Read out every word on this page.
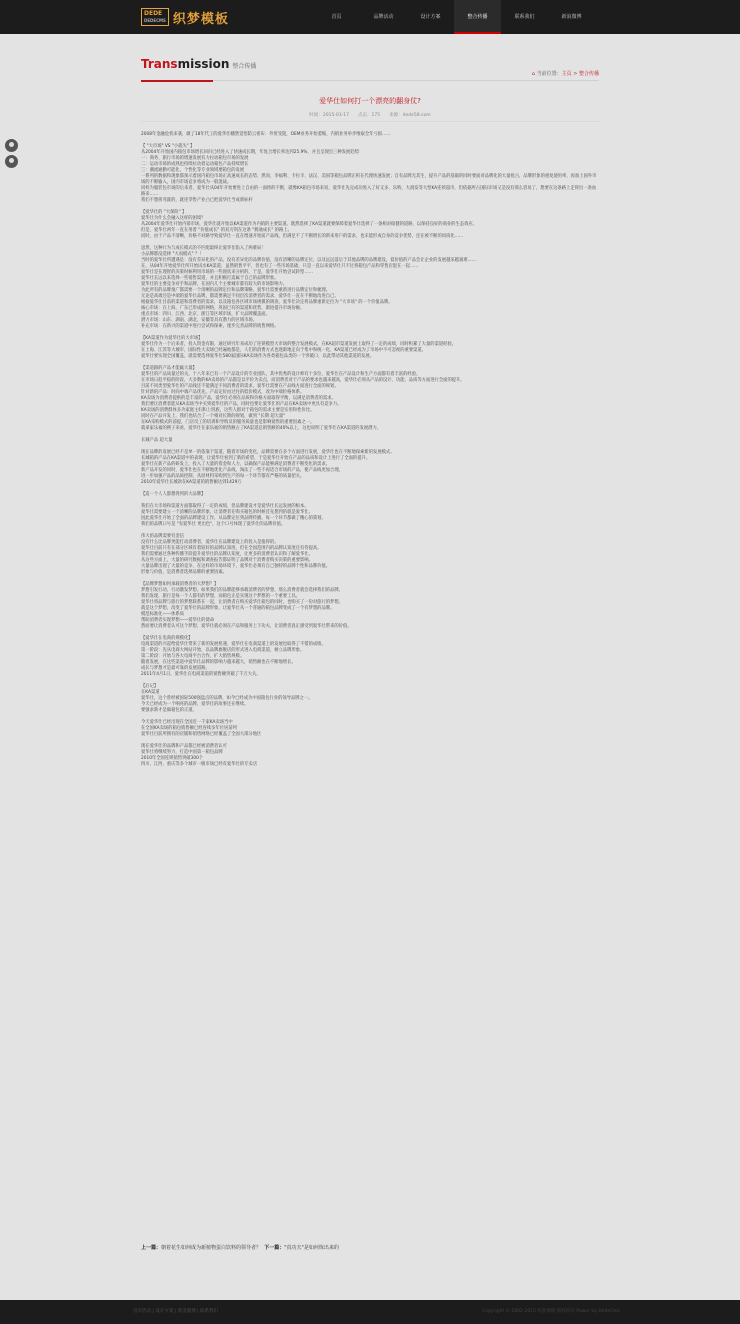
DEDE
DEDECMS 织梦模板	首页	品牌活动	设计方案	整合传播	联系我们	新浪微博
Transmission 整合传播
⌂ 当前位置：主页 > 整合传播
爱华仕如何打一个漂亮的翻身仗?
时间：2015-03-17　　点击：175　　来源：dede58.com

2008年金融危机来袭，做了18年代工的爱华仕幡然觉悟防云密布：外贸受阻，OEM业务开始萎缩，内销业务举步维艰全年亏损……

【 "大市场" VS "小就失" 】

从2004年开始国内箱包市场增长回归已经进入了快速成长期，年复合增长率达到25.9%，并且呈现出三种发展趋势：

一：商务、旅行市场的增速发展有力拉动箱包市场的发展

二：运动市场的成熟也持续拉动着运动箱包产品持续增长

三：潮流通勤可能化、个性化等专业领域要箱包的发展

一系列的数据和现象都预示着国内箱包市场正高速成长的态势，然而，李福利、卡拉羊、法汉、美国等箱包品牌正积在代理快速发展；自有品牌无其生、提升产品的基础的同时要面对品牌化的大量抢占，品牌形象的重复使用率，再加上国外市场的不断输入，国内市场竞争将成为一般混战。

同样为服装包市场的后来者，爱华仕从04年开始要进上自由的一面将的不断，就像KA箱包市场来说，爱华仕先完成功进入了好又多、乐购、大润发等大型KA连锁超市，但依据所占国际市场又是没有那么容易了，想要在这条路上走得出一条血路来……

我们不想拐弯就的，就连零售产业凸已把爱华仕当成新标杆

【爱华仕的 "大保险" 】

爱华仕为什么会融入这样的困境？

从2004年爱华仕开始内销市场，爱华仕就开始以KA渠道作为内销的主要渠道。既然选择了KA渠道就要保障着爱华仕选择了一条相对稳健的道路，以保持良好的商业的生态效应。

但是，爱华仕两年一直在用着 "价值成长" 的双刃剑在这条 "拥通成长" 的路上。

同时，由于产品不清晰，价格不对路导致爱华仕一直在增速开始前产品线，但满足不了不断增长的新来用户的需求，也未能形成自身的竞争优势，还在被不断的同质化……

思然，这种行为与成长模式的不匹配最终让爱华仕陷入了两难局！

小品牌都没选择 "大而模式" ？！

当时的爱华仕所遭遇是：没有差异化的产品，没有差异化的品牌价值，没有清晰的品牌定位，以及远远落后于其他品牌的品牌建设，低价值的产品会让企业的发展越来越艰难……

在，从04年开始爱华仕所开始试水KA渠道，虽然销售平平，但也有了一些市场基础，只是一直以来爱华仕只不过将箱包产品和零售店混在一起……

爱华仕是在理智的决策时候利用市场的一些现状来分析的，于是，爱华仕开始尝试转型……

爱华仕长远以来选择一些销售渠道，并且积极打造属于自己的品牌形象。

爱华仕的主要竞争对手和品牌，在国内几个主要城市都有较大的市场影响力。

为此所有的品牌推广都需要一个清晰的品牌定位和品牌策略，爱华仕需要重新进行品牌定位和梳理。

无论是高端还是中端的爱华仕品牌，都需要满足不同层次消费者的需求，爱华仕一直在不断地改进自己。

根据爱华仕目前的渠道和消费者的需求，以及箱包各区域市场规模的调查，爱华仕决定将品牌重新定位为 "大市场" 的一个价值品牌。

核心市场：在上海、广东已形成的网络，巩固已有的渠道和优势，渐进提升市场份额。

重点市场：四川、江西、北京、浙江等区域市场，扩大品牌覆盖面。

潜力市场：山东、湖南、湖北、安徽等具有潜力的区域市场。

补充市场：在新兴的渠道中进行尝试和探索，逐步完善品牌的销售网络。

【KA渠道作为爱华仕的大市场】

爱华仕作为一个后来者，投入资金有限，通过研究年来成功了连锁模型大市场的整合发展模式，在KA超市渠道发展上取得了一定的成绩，同时积累了大量的渠道经验。

在上海、江苏等大城市，国际性大卖场已经遍地都是，人们的消费方式也逐渐地走向于集中和统一化，KA渠道已经成为了市场中不可忽视的重要渠道。

爱华仕要实现全国覆盖，就需要选择爱华仕580家国际KA卖场作为各类箱包品类的一个突破口，以此带动其他渠道的发展。

【渠道跟的产品才能赢大量】

爱华仕的产品质量过的关，十八年来已有一个产品设计的专业团队，其中优秀的设计师有十多位，爱华仕在产品设计和生产方面都有着丰富的经验。

在市场日趋平稳的阶段，大多数的KA卖场的产品都是以平价为卖点，而消费者对于产品的要求也越来越高，爱华仕必须从产品的设计、功能、品质等方面进行全面的提升。

目前不同类型爱华仕的产品线还不能满足不同消费者的需求，爱华仕需要在产品线方面进行全面的规划。

针对新的产品：时尚中端产品优先，产品定价由过往的低价模式，改为中端价格体系。

KA卖场为消费者提供的是丰富的产品，爱华仕必须在品质和价格方面取得平衡，以满足消费者的需求。

我们要让消费者能从KA卖场当中买到爱华仕的产品，同时也要让爱华仕的产品在KA卖场中更具有竞争力。

KA卖场的消费群体多为家庭主妇和上班族，这些人群对于箱包的需求主要是实用和性价比。

同时在产品开发上，我们也结合了一个相对长期的规划，做到 "长期 超大量"

在KA采购模式的前提，门店员工的培训和导购员的服务质量也是影响销售的重要因素之一。

就拿家乐福的例子来看，爱华仕在家乐福的销售额占了KA渠道总销售额的40%以上，这也说明了爱华仕在KA渠道的发展潜力。

长城产品 超大量

现在品牌的发展已经不是单一的依靠于渠道，随着市场的变化，品牌需要在多个方面进行发展，爱华仕也在不断地探索新的发展模式。

长城箱的产品在KA渠道中的表现，让爱华仕看到了新的希望，于是爱华仕开始在产品的品质和设计上进行了全面的提升。

爱华仕在新产品的研发上，投入了大量的资金和人力，以确保产品能够满足消费者不断变化的需求。

新产品开发的同时，爱华仕也在不断地优化产品线，淘汰了一些不再适合市场的产品，使产品线更加合理。

进一步加强产品的品质控制，从原材料采购到生产的每一个环节都有严格的质量把关。

2010年爱华仕长城款在KA渠道的销售额达到1429万

【造一个人人都想得到的大品牌】

我们在大市场和渠道方面都取得了一定的成绩，但品牌建设才是爱华仕长远发展的根本。

爱华仕需要建立一个清晰的品牌形象，让消费者在购买箱包的时候首先想到的就是爱华仕。

因此爱华仕开始了全面的品牌建设工作，从品牌定位到品牌传播，每一个环节都做了精心的策划。

我们的品牌口号是 "有爱华仕 更出色"，这个口号体现了爱华仕的品牌价值。

伟大的品牌需要有金信

没有什么比品牌更能打动消费者，爱华仕在品牌建设上的投入是值得的。

爱华仕目前只有在部分区域有着较好的品牌认知度，但在全国范围内的品牌认知度还有待提高。

我们需要通过各种传播手段提升爱华仕的品牌认知度，让更多的消费者认识和了解爱华仕。

从这些方面上，大量的研究数据和调查报告都证明了品牌对于消费者购买决策的重要影响。

大量品牌出现了大量的竞争，在这样的市场环境下，爱华仕必须有自己独特的品牌个性和品牌价值。

形象与价值，是消费者选择品牌的重要因素。

【品牌梦想如何承载消费者的大梦想？】

梦想引发行动，行动激发梦想。如果我们的品牌能够承载消费者的梦想，那么消费者就会选择我们的品牌。

我们发现，旅行是每一个人都有的梦想，而箱包正是实现这个梦想的一个重要工具。

爱华仕将品牌与旅行的梦想联系在一起，让消费者在购买爱华仕箱包的同时，也购买了一份对旅行的梦想。

就是这个梦想，改变了爱华仕的品牌形象，让爱华仕从一个普通的箱包品牌变成了一个有梦想的品牌。

模范标准化——体系质

帮助消费者实现梦想——爱华仕的使命

然而要让消费者认可这个梦想，爱华仕就必须在产品和服务上下功夫，让消费者真正感受到爱华仕带来的价值。

【爱华仕在电商的规模化】

电商渠道的兴起给爱华仕带来了新的发展机遇，爱华仕在电商渠道上的发展也取得了不错的成绩。

第一阶段：先从电商大网站开始，以品牌旗舰店的形式进入电商渠道，树立品牌形象。

第二阶段：开始与各大电商平台合作，扩大销售规模。

随着发展，在这些渠道中爱华仕品牌的影响力越来越大，销售额也在不断地增长。

成长与梦想才是最可靠的发展道路。

2011年4月1日，爱华仕在电商渠道的销售额突破了千万大关。

【后记】

在KA渠道

爱华仕，这个曾经被国际500强盘点的品牌，如今已经成为中国箱包行业的领导品牌之一。

今天已经成为一个响亮的品牌，爱华仕的故事还在继续。

要强求新才是做箱包的正道。

今天爱华仕已经出现在全国近一千家KA卖场当中

在全国KA卖场的箱包销售额已经连续多年位居前列

爱华仕目前所拥有的店铺和销售网络已经覆盖了全国大部分地区

现在爱华仕的品牌和产品都已经被消费者认可

爱华仕将继续努力，打造中国第一箱包品牌

2010年全国连锁销售突破300个

四川、江西、重庆等多个城市一级市场已经有爱华仕的专卖店

上一篇：朝着花生如何成为新植物蛋白饮料的领导者？ 下一篇："真功夫"是如何炼出来的
首页活动 | 设计方案 | 新浪微博 | 联系我们	Copyright © 2002-2015 织梦模板 版权所有 Power by DedeCms
